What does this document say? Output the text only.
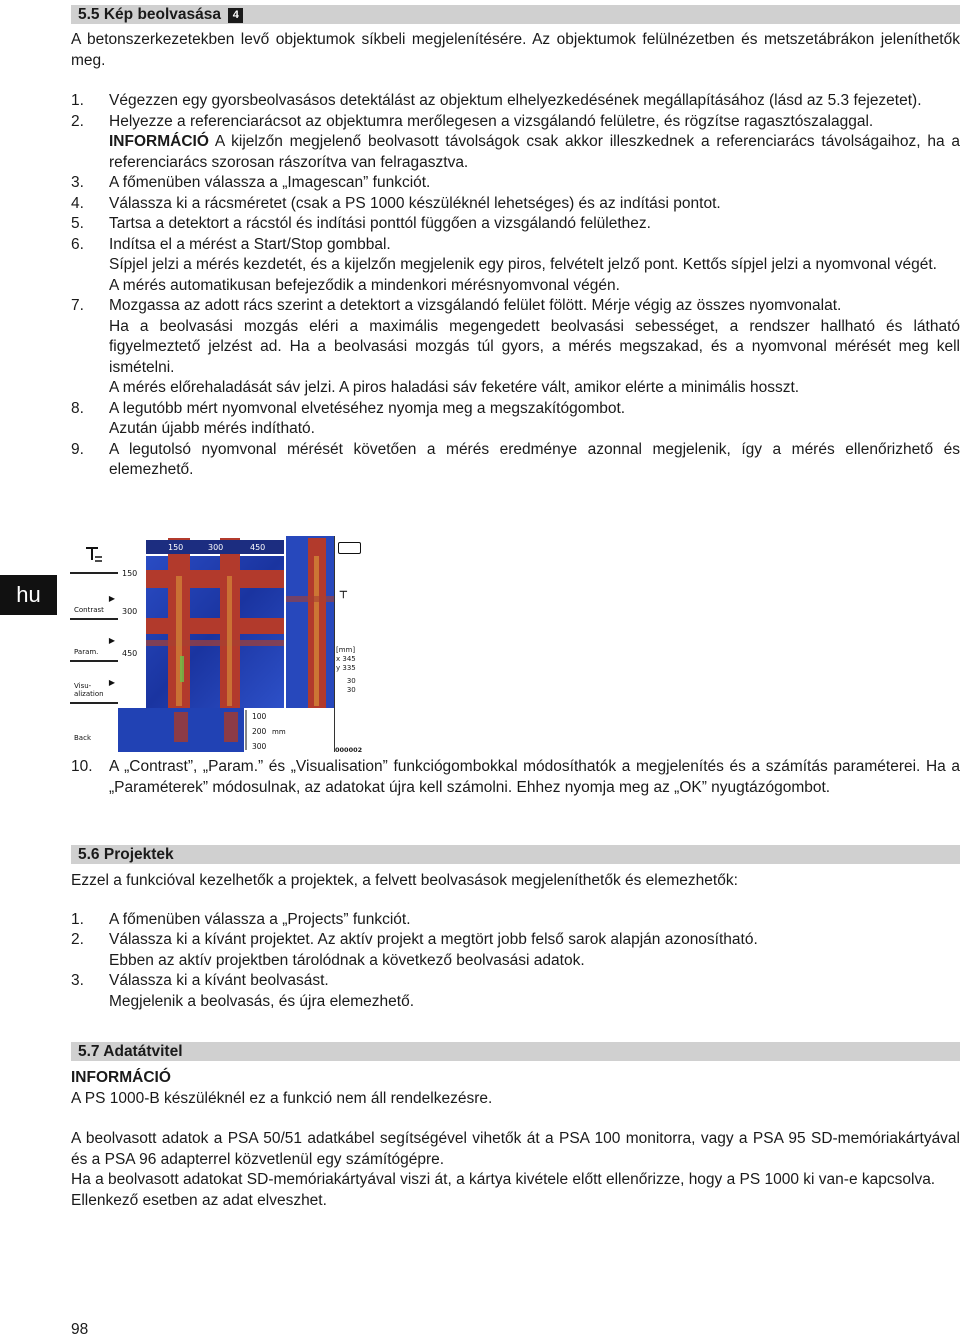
5.5 Kép beolvasása 4

A betonszerkezetekben levő objektumok síkbeli megjelenítésére. Az objektumok felülnézetben és metszetábrákon jeleníthetők meg.

1.	Végezzen egy gyorsbeolvasásos detektálást az objektum elhelyezkedésének megállapításához (lásd az 5.3 fejezetet).
2.	Helyezze a referenciarácsot az objektumra merőlegesen a vizsgálandó felületre, és rögzítse ragasztószalaggal.

INFORMÁCIÓ A kijelzőn megjelenő beolvasott távolságok csak akkor illeszkednek a referenciarács távolságaihoz, ha a referenciarács szorosan rászorítva van felragasztva.

3.	A főmenüben válassza a „Imagescan” funkciót.
4.	Válassza ki a rácsméretet (csak a PS 1000 készüléknél lehetséges) és az indítási pontot.
5.	Tartsa a detektort a rácstól és indítási ponttól függően a vizsgálandó felülethez.
6.	Indítsa el a mérést a Start/Stop gombbal.

Sípjel jelzi a mérés kezdetét, és a kijelzőn megjelenik egy piros, felvételt jelző pont. Kettős sípjel jelzi a nyomvonal végét.

A mérés automatikusan befejeződik a mindenkori mérésnyomvonal végén.

7.	Mozgassa az adott rács szerint a detektort a vizsgálandó felület fölött. Mérje végig az összes nyomvonalat.

Ha a beolvasási mozgás eléri a maximális megengedett beolvasási sebességet, a rendszer hallható és látható figyelmeztető jelzést ad. Ha a beolvasási mozgás túl gyors, a mérés megszakad, és a nyomvonal mérését meg kell ismételni.

A mérés előrehaladását sáv jelzi. A piros haladási sáv feketére vált, amikor elérte a minimális hosszt.

8.	A legutóbb mért nyomvonal elvetéséhez nyomja meg a megszakítógombot.

Azután újabb mérés indítható.

9.	A legutolsó nyomvonal mérését követően a mérés eredménye azonnal megjelenik, így a mérés ellenőrizhető és elemezhető.
Contrast
▶
Param.
▶

Visu-
alization

▶

Back
150	300	450
150
300
450
100
200 mm
300
⊤
[mm]
x 345
y 335
30
30
000002
10.	A „Contrast”, „Param.” és „Visualisation” funkciógombokkal módosíthatók a megjelenítés és a számítás paraméterei. Ha a „Paraméterek” módosulnak, az adatokat újra kell számolni. Ehhez nyomja meg az „OK” nyugtázógombot.
5.6 Projektek

Ezzel a funkcióval kezelhetők a projektek, a felvett beolvasások megjeleníthetők és elemezhetők:

1.	A főmenüben válassza a „Projects” funkciót.
2.	Válassza ki a kívánt projektet. Az aktív projekt a megtört jobb felső sarok alapján azonosítható.

Ebben az aktív projektben tárolódnak a következő beolvasási adatok.

3.	Válassza ki a kívánt beolvasást.

Megjelenik a beolvasás, és újra elemezhető.

5.7 Adatátvitel

INFORMÁCIÓ

A PS 1000-B készüléknél ez a funkció nem áll rendelkezésre.

A beolvasott adatok a PSA 50/51 adatkábel segítségével vihetők át a PSA 100 monitorra, vagy a PSA 95 SD-memóriakártyával és a PSA 96 adapterrel közvetlenül egy számítógépre.

Ha a beolvasott adatokat SD-memóriakártyával viszi át, a kártya kivétele előtt ellenőrizze, hogy a PS 1000 ki van-e kapcsolva.

Ellenkező esetben az adat elveszhet.

hu
98
